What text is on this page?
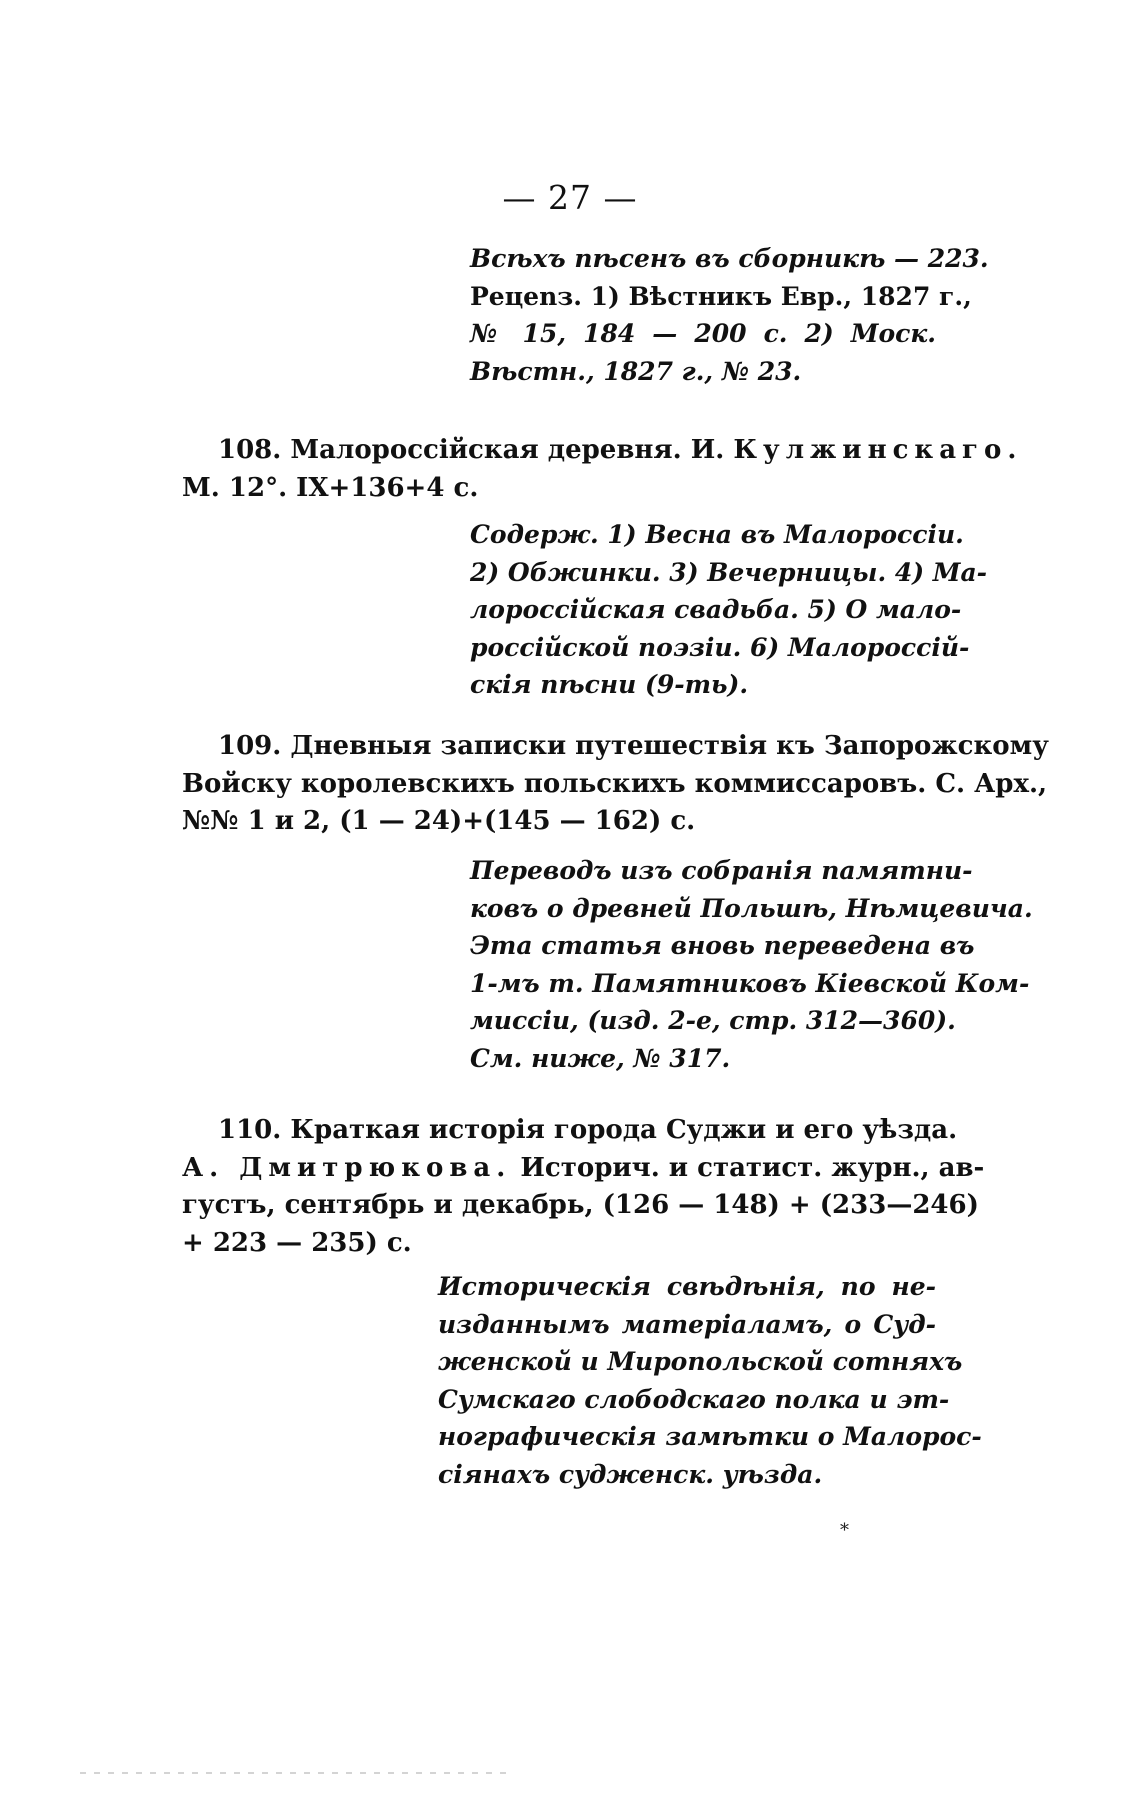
— 27 —
Всѣхъ пѣсенъ въ сборникѣ — 223.
Рецenз. 1) Вѣстникъ Евр., 1827 г.,
№ 15, 184 — 200 с. 2) Моск.
Вѣстн., 1827 г., № 23.
108. Малороссійская деревня. И. Кулжинскаго.
М. 12°. IX+136+4 с.
Содерж. 1) Весна въ Малороссіи.
2) Обжинки. 3) Вечерницы. 4) Ма-
лороссійская свадьба. 5) О мало-
россійской поэзіи. 6) Малороссій-
скія пѣсни (9-ть).
109. Дневныя записки путешествія къ Запорожскому
Войску королевскихъ польскихъ коммиссаровъ. С. Арх.,
№№ 1 и 2, (1 — 24)+(145 — 162) с.
Переводъ изъ собранія памятни-
ковъ о древней Польшѣ, Нѣмцевича.
Эта статья вновь переведена въ
1-мъ т. Памятниковъ Кіевской Ком-
миссіи, (изд. 2-е, стр. 312—360).
См. ниже, № 317.
110. Краткая исторія города Суджи и его уѣзда.
А. Дмитрюкова. Историч. и статист. журн., ав-
густъ, сентябрь и декабрь, (126 — 148) + (233—246)
+ 223 — 235) с.
Историческія свѣдѣнія, по не-
изданнымъ матеріаламъ, о Суд-
женской и Миропольской сотняхъ
Сумскаго слободскаго полка и эт-
нографическія замѣтки о Малорос-
сіянахъ судженск. уѣзда.
*
